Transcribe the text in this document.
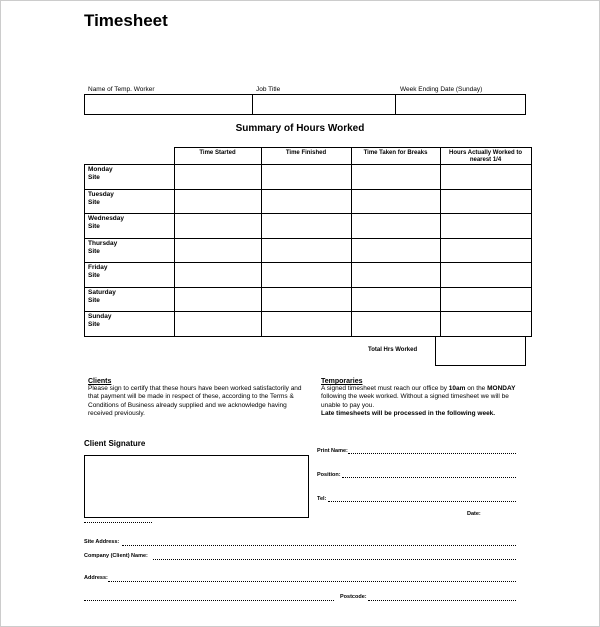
Timesheet
Name of Temp. Worker	Job Title	Week Ending Date (Sunday)
Summary of Hours Worked
	Time Started	Time Finished	Time Taken for Breaks	Hours Actually Worked to nearest 1/4

Monday
Site				

Tuesday
Site				

Wednesday
Site				

Thursday
Site				

Friday
Site				

Saturday
Site				

Sunday
Site				

Total Hrs Worked
Clients
Please sign to certify that these hours have been worked satisfactorily and that payment will be made in respect of these, according to the Terms & Conditions of Business already supplied and we acknowledge having received previously.
Temporaries
A signed timesheet must reach our office by 10am on the MONDAY following the week worked. Without a signed timesheet we will be unable to pay you.
Late timesheets will be processed in the following week.
Client Signature
Print Name:
Position:
Tel:
Date:
Site Address:
Company (Client) Name:
Address:
Postcode:
